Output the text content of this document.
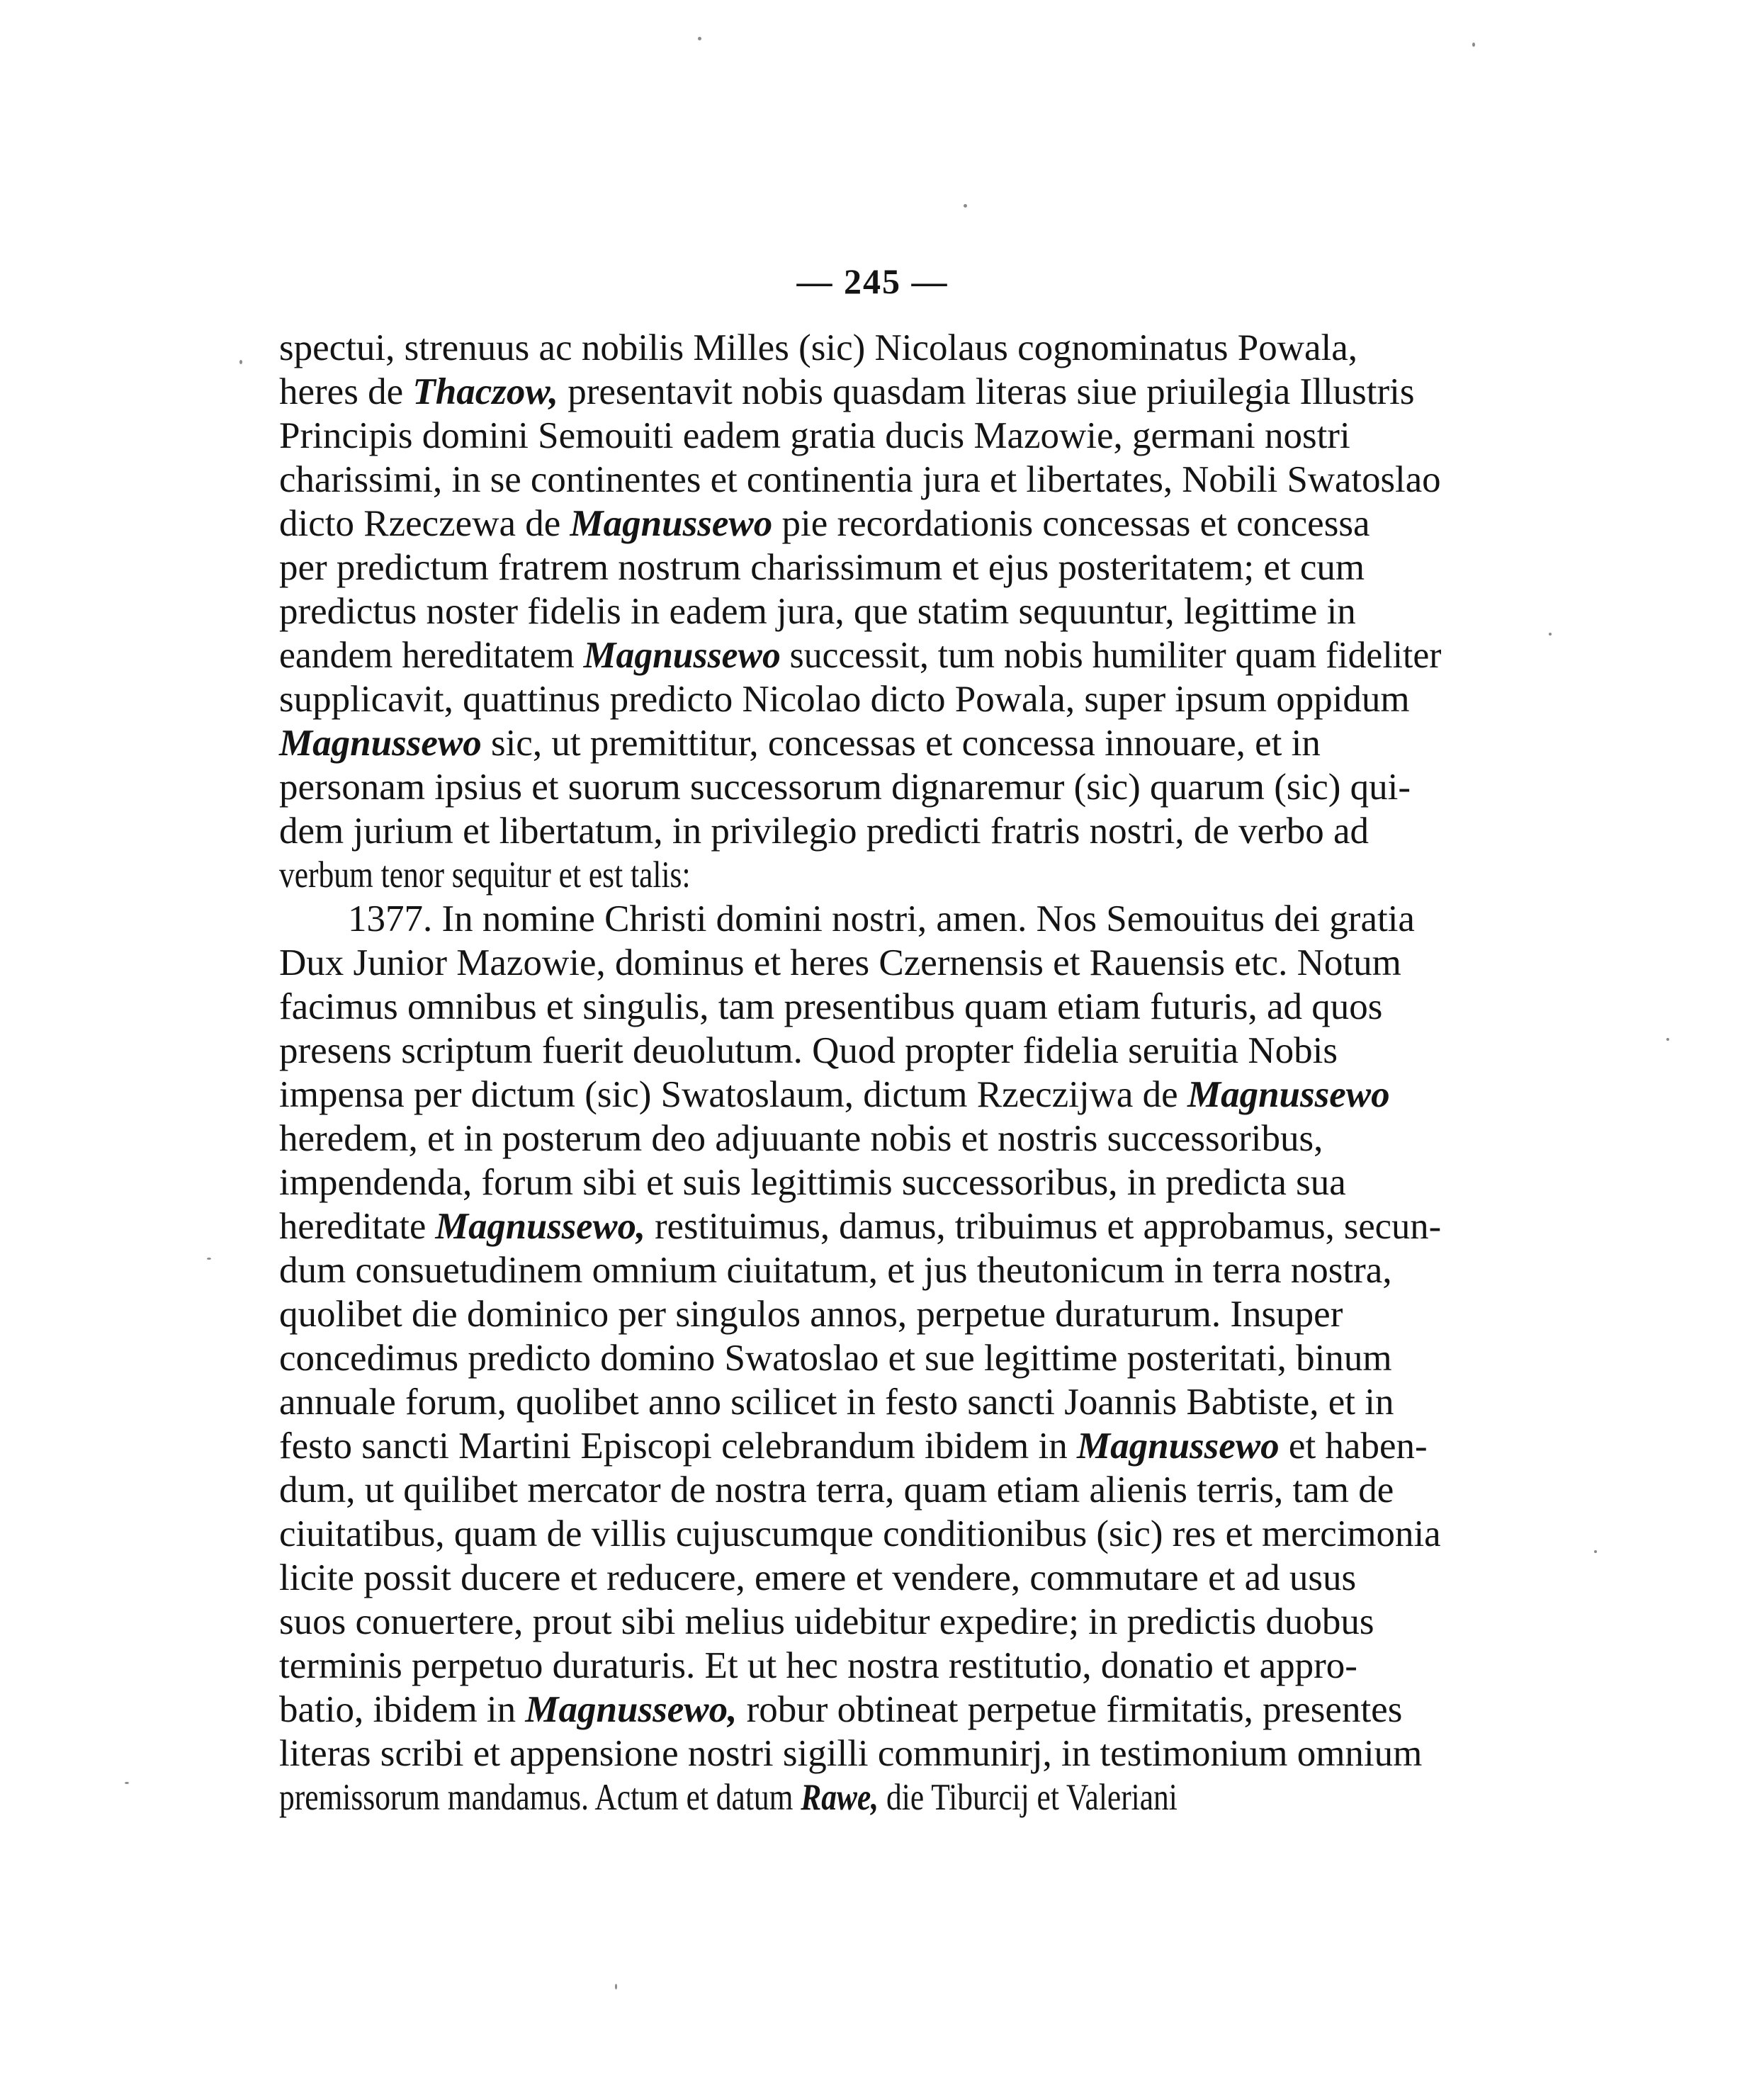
— 245 —
spectui, strenuus ac nobilis Milles (sic) Nicolaus cognominatus Powala,
heres de Thaczow, presentavit nobis quasdam literas siue priuilegia Illustris
Principis domini Semouiti eadem gratia ducis Mazowie, germani nostri
charissimi, in se continentes et continentia jura et libertates, Nobili Swatoslao
dicto Rzeczewa de Magnussewo pie recordationis concessas et concessa
per predictum fratrem nostrum charissimum et ejus posteritatem; et cum
predictus noster fidelis in eadem jura, que statim sequuntur, legittime in
eandem hereditatem Magnussewo successit, tum nobis humiliter quam fideliter
supplicavit, quattinus predicto Nicolao dicto Powala, super ipsum oppidum
Magnussewo sic, ut premittitur, concessas et concessa innouare, et in
personam ipsius et suorum successorum dignaremur (sic) quarum (sic) qui-
dem jurium et libertatum, in privilegio predicti fratris nostri, de verbo ad
verbum tenor sequitur et est talis:
1377. In nomine Christi domini nostri, amen. Nos Semouitus dei gratia
Dux Junior Mazowie, dominus et heres Czernensis et Rauensis etc. Notum
facimus omnibus et singulis, tam presentibus quam etiam futuris, ad quos
presens scriptum fuerit deuolutum. Quod propter fidelia seruitia Nobis
impensa per dictum (sic) Swatoslaum, dictum Rzeczijwa de Magnussewo
heredem, et in posterum deo adjuuante nobis et nostris successoribus,
impendenda, forum sibi et suis legittimis successoribus, in predicta sua
hereditate Magnussewo, restituimus, damus, tribuimus et approbamus, secun-
dum consuetudinem omnium ciuitatum, et jus theutonicum in terra nostra,
quolibet die dominico per singulos annos, perpetue duraturum. Insuper
concedimus predicto domino Swatoslao et sue legittime posteritati, binum
annuale forum, quolibet anno scilicet in festo sancti Joannis Babtiste, et in
festo sancti Martini Episcopi celebrandum ibidem in Magnussewo et haben-
dum, ut quilibet mercator de nostra terra, quam etiam alienis terris, tam de
ciuitatibus, quam de villis cujuscumque conditionibus (sic) res et mercimonia
licite possit ducere et reducere, emere et vendere, commutare et ad usus
suos conuertere, prout sibi melius uidebitur expedire; in predictis duobus
terminis perpetuo duraturis. Et ut hec nostra restitutio, donatio et appro-
batio, ibidem in Magnussewo, robur obtineat perpetue firmitatis, presentes
literas scribi et appensione nostri sigilli communirj, in testimonium omnium
premissorum mandamus. Actum et datum Rawe, die Tiburcij et Valeriani
